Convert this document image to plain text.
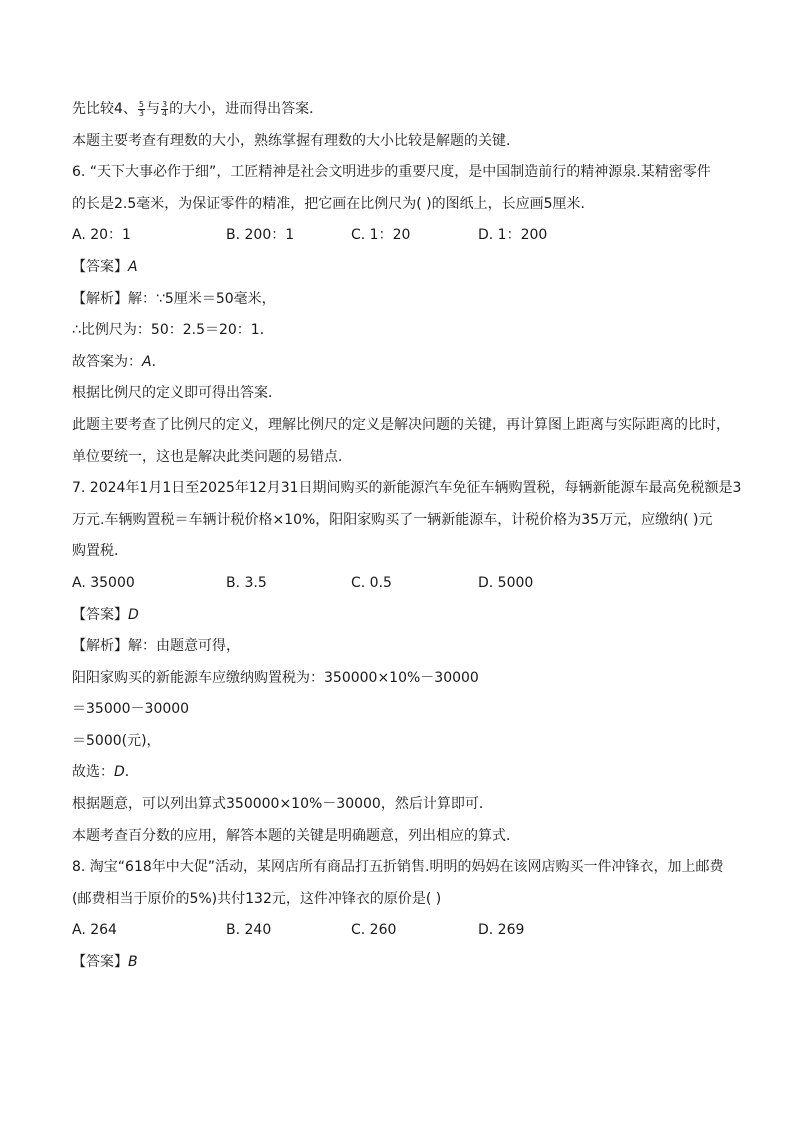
先比较4、 $\frac{5}{3}$ 与 $\frac{3}{4}$ 的大小，进而得出答案．
本题主要考查有理数的大小，熟练掌握有理数的大小比较是解题的关键．
6. “天下大事必作于细”，工匠精神是社会文明进步的重要尺度，是中国制造前行的精神源泉.某精密零件
的长是2.5毫米，为保证零件的精准，把它画在比例尺为( )的图纸上，长应画5厘米．
A. 20：1	B. 200：1	C. 1：20	D. 1：200
【答案】A
【解析】解：∵5厘米＝50毫米，
∴比例尺为：50：2.5＝20：1．
故答案为：A．
根据比例尺的定义即可得出答案．
此题主要考查了比例尺的定义，理解比例尺的定义是解决问题的关键，再计算图上距离与实际距离的比时，
单位要统一，这也是解决此类问题的易错点．
7. 2024年1月1日至2025年12月31日期间购买的新能源汽车免征车辆购置税，每辆新能源车最高免税额是3
万元.车辆购置税＝车辆计税价格×10%，阳阳家购买了一辆新能源车，计税价格为35万元，应缴纳( )元
购置税．
A. 35000	B. 3.5	C. 0.5	D. 5000
【答案】D
【解析】解：由题意可得，
阳阳家购买的新能源车应缴纳购置税为：350000×10%－30000
＝35000－30000
＝5000(元)，
故选：D．
根据题意，可以列出算式350000×10%－30000，然后计算即可．
本题考查百分数的应用，解答本题的关键是明确题意，列出相应的算式．
8. 淘宝“618年中大促”活动，某网店所有商品打五折销售.明明的妈妈在该网店购买一件冲锋衣，加上邮费
(邮费相当于原价的5%)共付132元，这件冲锋衣的原价是( )
A. 264	B. 240	C. 260	D. 269
【答案】B
